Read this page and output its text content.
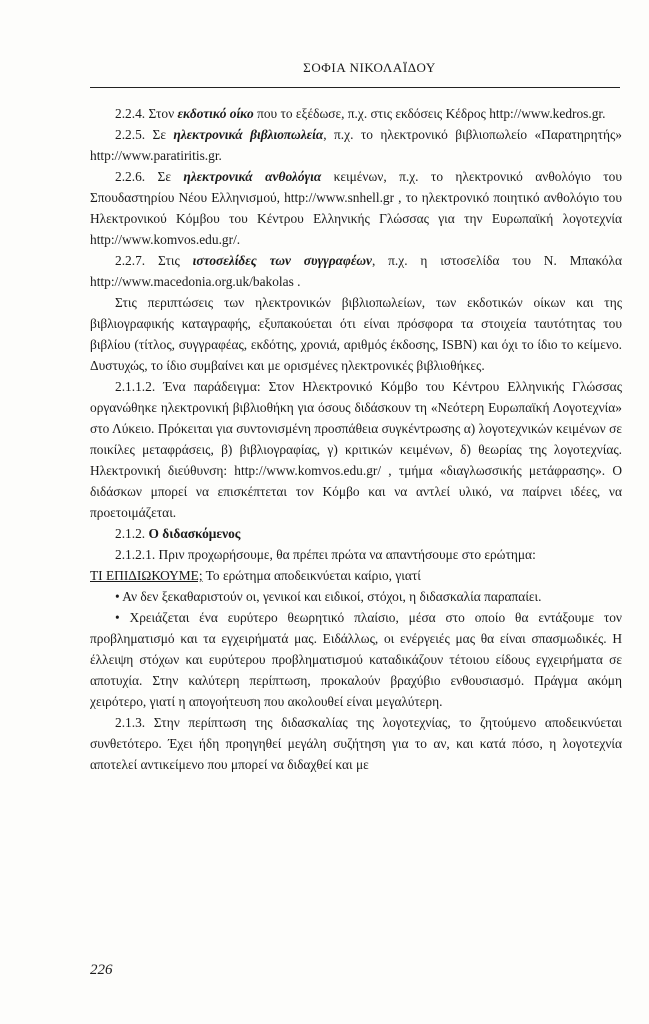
ΣΟΦΙΑ ΝΙΚΟΛΑΪΔΟΥ

2.2.4. Στον εκδοτικό οίκο που το εξέδωσε, π.χ. στις εκδόσεις Κέδρος http://www.kedros.gr.

2.2.5. Σε ηλεκτρονικά βιβλιοπωλεία, π.χ. το ηλεκτρονικό βιβλιοπωλείο «Παρατηρητής» http://www.paratiritis.gr.

2.2.6. Σε ηλεκτρονικά ανθολόγια κειμένων, π.χ. το ηλεκτρονικό ανθολόγιο του Σπουδαστηρίου Νέου Ελληνισμού, http://www.snhell.gr , το ηλεκτρονικό ποιητικό ανθολόγιο του Ηλεκτρονικού Κόμβου του Κέντρου Ελληνικής Γλώσσας για την Ευρωπαϊκή λογοτεχνία http://www.komvos.edu.gr/.

2.2.7. Στις ιστοσελίδες των συγγραφέων, π.χ. η ιστοσελίδα του Ν. Μπακόλα http://www.macedonia.org.uk/bakolas .

Στις περιπτώσεις των ηλεκτρονικών βιβλιοπωλείων, των εκδοτικών οίκων και της βιβλιογραφικής καταγραφής, εξυπακούεται ότι είναι πρόσφορα τα στοιχεία ταυτότητας του βιβλίου (τίτλος, συγγραφέας, εκδότης, χρονιά, αριθμός έκδοσης, ISBN) και όχι το ίδιο το κείμενο. Δυστυχώς, το ίδιο συμβαίνει και με ορισμένες ηλεκτρονικές βιβλιοθήκες.

2.1.1.2. Ένα παράδειγμα: Στον Ηλεκτρονικό Κόμβο του Κέντρου Ελληνικής Γλώσσας οργανώθηκε ηλεκτρονική βιβλιοθήκη για όσους διδάσκουν τη «Νεότερη Ευρωπαϊκή Λογοτεχνία» στο Λύκειο. Πρόκειται για συντονισμένη προσπάθεια συγκέντρωσης α) λογοτεχνικών κειμένων σε ποικίλες μεταφράσεις, β) βιβλιογραφίας, γ) κριτικών κειμένων, δ) θεωρίας της λογοτεχνίας. Ηλεκτρονική διεύθυνση: http://www.komvos.edu.gr/ , τμήμα «διαγλωσσικής μετάφρασης». Ο διδάσκων μπορεί να επισκέπτεται τον Κόμβο και να αντλεί υλικό, να παίρνει ιδέες, να προετοιμάζεται.

2.1.2. Ο διδασκόμενος

2.1.2.1. Πριν προχωρήσουμε, θα πρέπει πρώτα να απαντήσουμε στο ερώτημα:

ΤΙ ΕΠΙΔΙΩΚΟΥΜΕ; Το ερώτημα αποδεικνύεται καίριο, γιατί

• Αν δεν ξεκαθαριστούν οι, γενικοί και ειδικοί, στόχοι, η διδασκαλία παραπαίει.

• Χρειάζεται ένα ευρύτερο θεωρητικό πλαίσιο, μέσα στο οποίο θα εντάξουμε τον προβληματισμό και τα εγχειρήματά μας. Ειδάλλως, οι ενέργειές μας θα είναι σπασμωδικές. Η έλλειψη στόχων και ευρύτερου προβληματισμού καταδικάζουν τέτοιου είδους εγχειρήματα σε αποτυχία. Στην καλύτερη περίπτωση, προκαλούν βραχύβιο ενθουσιασμό. Πράγμα ακόμη χειρότερο, γιατί η απογοήτευση που ακολουθεί είναι μεγαλύτερη.

2.1.3. Στην περίπτωση της διδασκαλίας της λογοτεχνίας, το ζητούμενο αποδεικνύεται συνθετότερο. Έχει ήδη προηγηθεί μεγάλη συζήτηση για το αν, και κατά πόσο, η λογοτεχνία αποτελεί αντικείμενο που μπορεί να διδαχθεί και με

226
